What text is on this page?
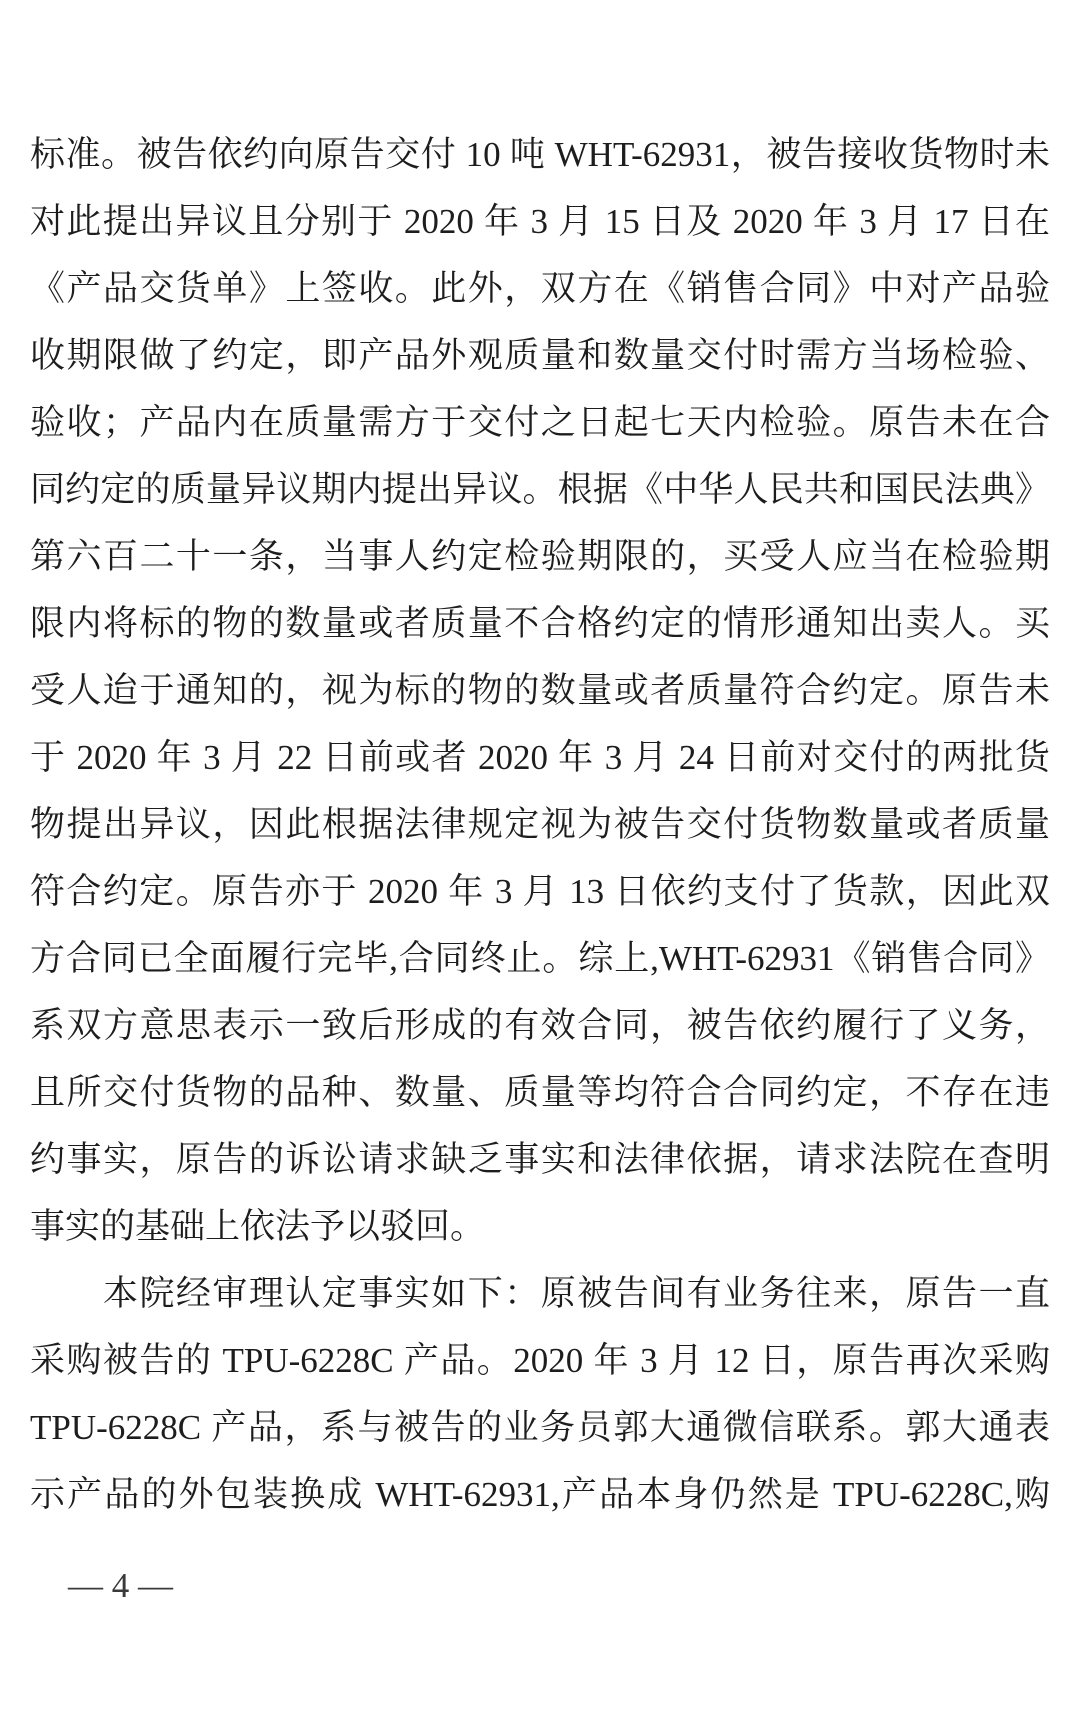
标准。被告依约向原告交付 10 吨 WHT-62931，被告接收货物时未
对此提出异议且分别于 2020 年 3 月 15 日及 2020 年 3 月 17 日在
《产品交货单》上签收。此外，双方在《销售合同》中对产品验
收期限做了约定，即产品外观质量和数量交付时需方当场检验、
验收；产品内在质量需方于交付之日起七天内检验。原告未在合
同约定的质量异议期内提出异议。根据《中华人民共和国民法典》
第六百二十一条，当事人约定检验期限的，买受人应当在检验期
限内将标的物的数量或者质量不合格约定的情形通知出卖人。买
受人迨于通知的，视为标的物的数量或者质量符合约定。原告未
于 2020 年 3 月 22 日前或者 2020 年 3 月 24 日前对交付的两批货
物提出异议，因此根据法律规定视为被告交付货物数量或者质量
符合约定。原告亦于 2020 年 3 月 13 日依约支付了货款，因此双
方合同已全面履行完毕,合同终止。综上,WHT-62931《销售合同》
系双方意思表示一致后形成的有效合同，被告依约履行了义务，
且所交付货物的品种、数量、质量等均符合合同约定，不存在违
约事实，原告的诉讼请求缺乏事实和法律依据，请求法院在查明
事实的基础上依法予以驳回。
　　本院经审理认定事实如下：原被告间有业务往来，原告一直
采购被告的 TPU-6228C 产品。2020 年 3 月 12 日，原告再次采购
TPU-6228C 产品，系与被告的业务员郭大通微信联系。郭大通表
示产品的外包装换成 WHT-62931,产品本身仍然是 TPU-6228C,购
— 4 —
